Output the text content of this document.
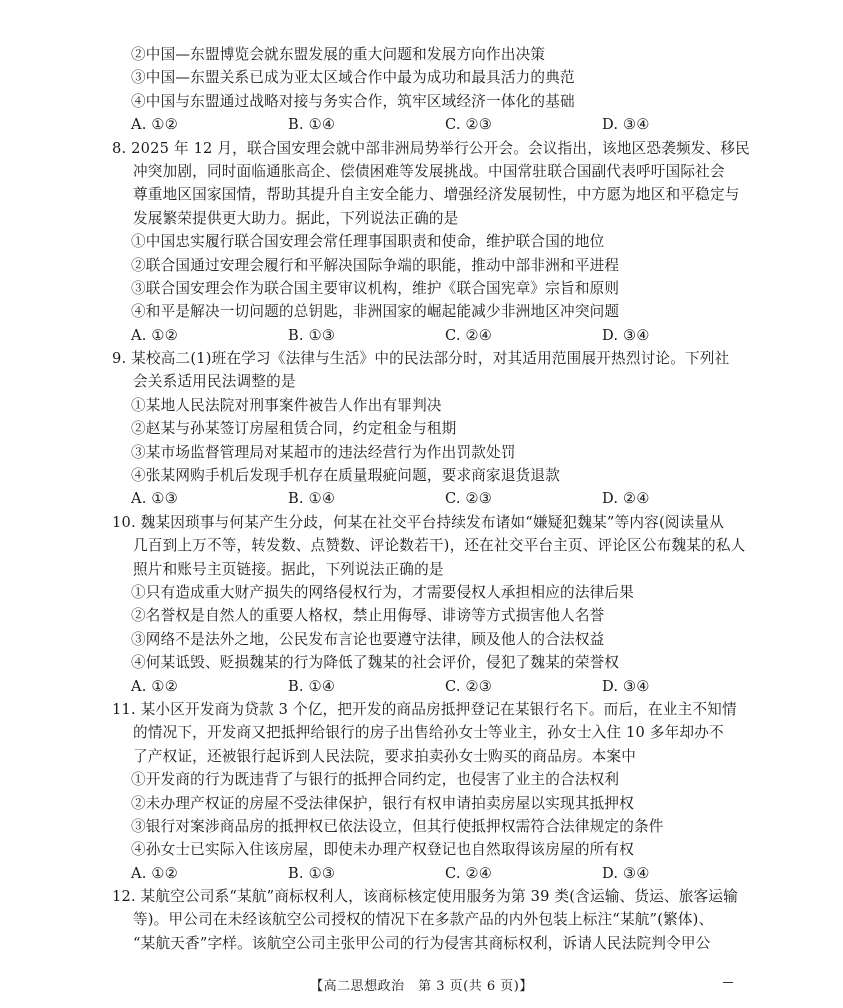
②中国—东盟博览会就东盟发展的重大问题和发展方向作出决策
③中国—东盟关系已成为亚太区域合作中最为成功和最具活力的典范
④中国与东盟通过战略对接与务实合作，筑牢区域经济一体化的基础
A. ①②	B. ①④	C. ②③	D. ③④
8. 2025 年 12 月，联合国安理会就中部非洲局势举行公开会。会议指出，该地区恐袭频发、移民
冲突加剧，同时面临通胀高企、偿债困难等发展挑战。中国常驻联合国副代表呼吁国际社会
尊重地区国家国情，帮助其提升自主安全能力、增强经济发展韧性，中方愿为地区和平稳定与
发展繁荣提供更大助力。据此，下列说法正确的是
①中国忠实履行联合国安理会常任理事国职责和使命，维护联合国的地位
②联合国通过安理会履行和平解决国际争端的职能，推动中部非洲和平进程
③联合国安理会作为联合国主要审议机构，维护《联合国宪章》宗旨和原则
④和平是解决一切问题的总钥匙，非洲国家的崛起能减少非洲地区冲突问题
A. ①②	B. ①③	C. ②④	D. ③④
9. 某校高二(1)班在学习《法律与生活》中的民法部分时，对其适用范围展开热烈讨论。下列社
会关系适用民法调整的是
①某地人民法院对刑事案件被告人作出有罪判决
②赵某与孙某签订房屋租赁合同，约定租金与租期
③某市场监督管理局对某超市的违法经营行为作出罚款处罚
④张某网购手机后发现手机存在质量瑕疵问题，要求商家退货退款
A. ①③	B. ①④	C. ②③	D. ②④
10. 魏某因琐事与何某产生分歧，何某在社交平台持续发布诸如“嫌疑犯魏某”等内容(阅读量从
几百到上万不等，转发数、点赞数、评论数若干)，还在社交平台主页、评论区公布魏某的私人
照片和账号主页链接。据此，下列说法正确的是
①只有造成重大财产损失的网络侵权行为，才需要侵权人承担相应的法律后果
②名誉权是自然人的重要人格权，禁止用侮辱、诽谤等方式损害他人名誉
③网络不是法外之地，公民发布言论也要遵守法律，顾及他人的合法权益
④何某诋毁、贬损魏某的行为降低了魏某的社会评价，侵犯了魏某的荣誉权
A. ①②	B. ①④	C. ②③	D. ③④
11. 某小区开发商为贷款 3 个亿，把开发的商品房抵押登记在某银行名下。而后，在业主不知情
的情况下，开发商又把抵押给银行的房子出售给孙女士等业主，孙女士入住 10 多年却办不
了产权证，还被银行起诉到人民法院，要求拍卖孙女士购买的商品房。本案中
①开发商的行为既违背了与银行的抵押合同约定，也侵害了业主的合法权利
②未办理产权证的房屋不受法律保护，银行有权申请拍卖房屋以实现其抵押权
③银行对案涉商品房的抵押权已依法设立，但其行使抵押权需符合法律规定的条件
④孙女士已实际入住该房屋，即使未办理产权登记也自然取得该房屋的所有权
A. ①②	B. ①③	C. ②④	D. ③④
12. 某航空公司系“某航”商标权利人，该商标核定使用服务为第 39 类(含运输、货运、旅客运输
等)。甲公司在未经该航空公司授权的情况下在多款产品的内外包装上标注“某航”(繁体)、
“某航天香”字样。该航空公司主张甲公司的行为侵害其商标权利，诉请人民法院判令甲公
【高二思想政治　第 3 页(共 6 页)】
